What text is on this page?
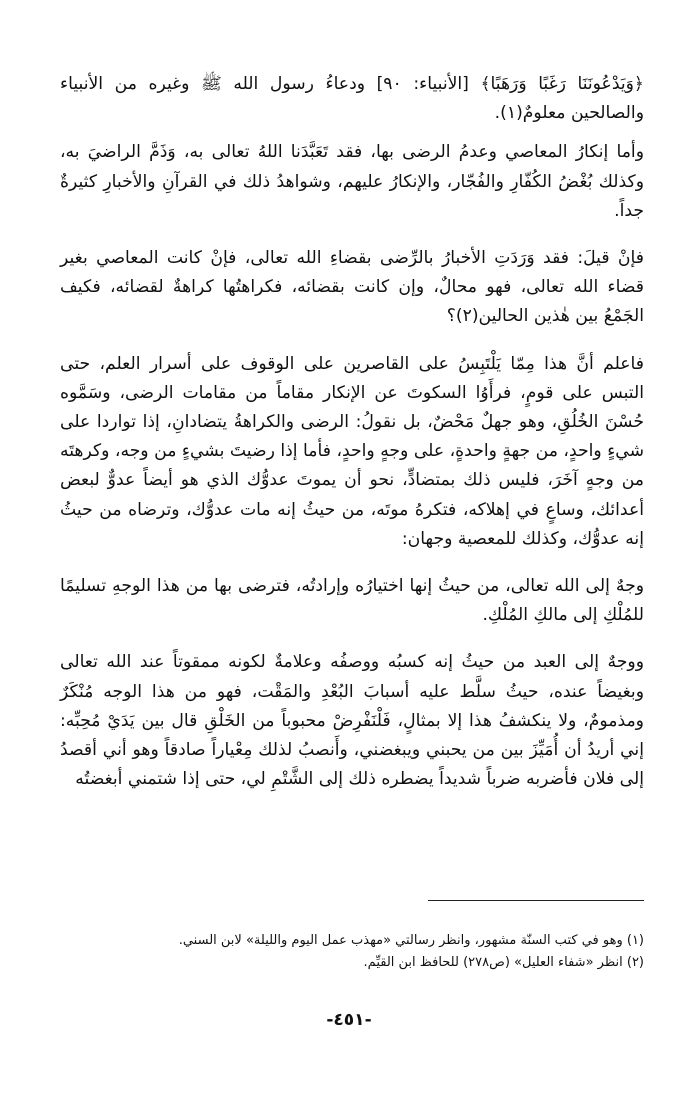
﴿وَيَدْعُونَنَا رَغَبًا وَرَهَبًا﴾ [الأنبياء: ٩٠] ودعاءُ رسول الله ﷺ وغيره من الأنبياء والصالحين معلومٌ(١).

وأما إنكارُ المعاصي وعدمُ الرضى بها، فقد تَعَبَّدَنا اللهُ تعالى به، وَذَمَّ الراضيَ به، وكذلك بُغْضُ الكُفّارِ والفُجّار، والإنكارُ عليهم، وشواهدُ ذلك في القرآنِ والأخبارِ كثيرةٌ جداً.

فإنْ قيلَ: فقد وَرَدَتِ الأخبارُ بالرِّضى بقضاءِ الله تعالى، فإنْ كانت المعاصي بغير قضاء الله تعالى، فهو محالٌ، وإن كانت بقضائه، فكراهتُها كراهةٌ لقضائه، فكيف الجَمْعُ بين هٰذين الحالين(٢)؟

فاعلم أنَّ هذا مِمّا يَلْتَبِسُ على القاصرين على الوقوف على أسرار العلم، حتى التبس على قومٍ، فرأَوُا السكوتَ عن الإنكار مقاماً من مقامات الرضى، وسَمَّوه حُسْنَ الخُلُقِ، وهو جهلٌ مَحْضٌ، بل نقولُ: الرضى والكراهةُ يتضادانِ، إذا تواردا على شيءٍ واحدٍ، من جهةٍ واحدةٍ، على وجهٍ واحدٍ، فأما إذا رضيتَ بشيءٍ من وجه، وكرهتَه من وجهٍ آخَرَ، فليس ذلك بمتضادٍّ، نحو أن يموتَ عدوُّك الذي هو أيضاً عدوٌّ لبعض أعدائك، وساعٍ في إهلاكه، فتكرهُ موتَه، من حيثُ إنه مات عدوُّك، وترضاه من حيثُ إنه عدوُّك، وكذلك للمعصية وجهان:

وجهٌ إلى الله تعالى، من حيثُ إنها اختيارُه وإرادتُه، فترضى بها من هذا الوجهِ تسليمًا للمُلْكِ إلى مالكِ المُلْكِ.

ووجهٌ إلى العبد من حيثُ إنه كسبُه ووصفُه وعلامةٌ لكونه ممقوتاً عند الله تعالى وبغيضاً عنده، حيثُ سلَّط عليه أسبابَ البُعْدِ والمَقْت، فهو من هذا الوجه مُنْكَرٌ ومذمومٌ، ولا ينكشفُ هذا إلا بمثالٍ، فَلْنَفْرِضْ محبوباً من الخَلْقِ قال بين يَدَيْ مُحِبِّه: إني أريدُ أن أُمَيِّزَ بين من يحبني ويبغضني، وأَنصبُ لذلك مِعْياراً صادقاً وهو أني أقصدُ إلى فلان فأضربه ضرباً شديداً يضطره ذلك إلى الشَّتْمِ لي، حتى إذا شتمني أبغضتُه

(١) وهو في كتب السنّة مشهور، وانظر رسالتي «مهذب عمل اليوم والليلة» لابن السني.
(٢) انظر «شفاء العليل» (ص٢٧٨) للحافظ ابن القيِّم.
-٤٥١-
